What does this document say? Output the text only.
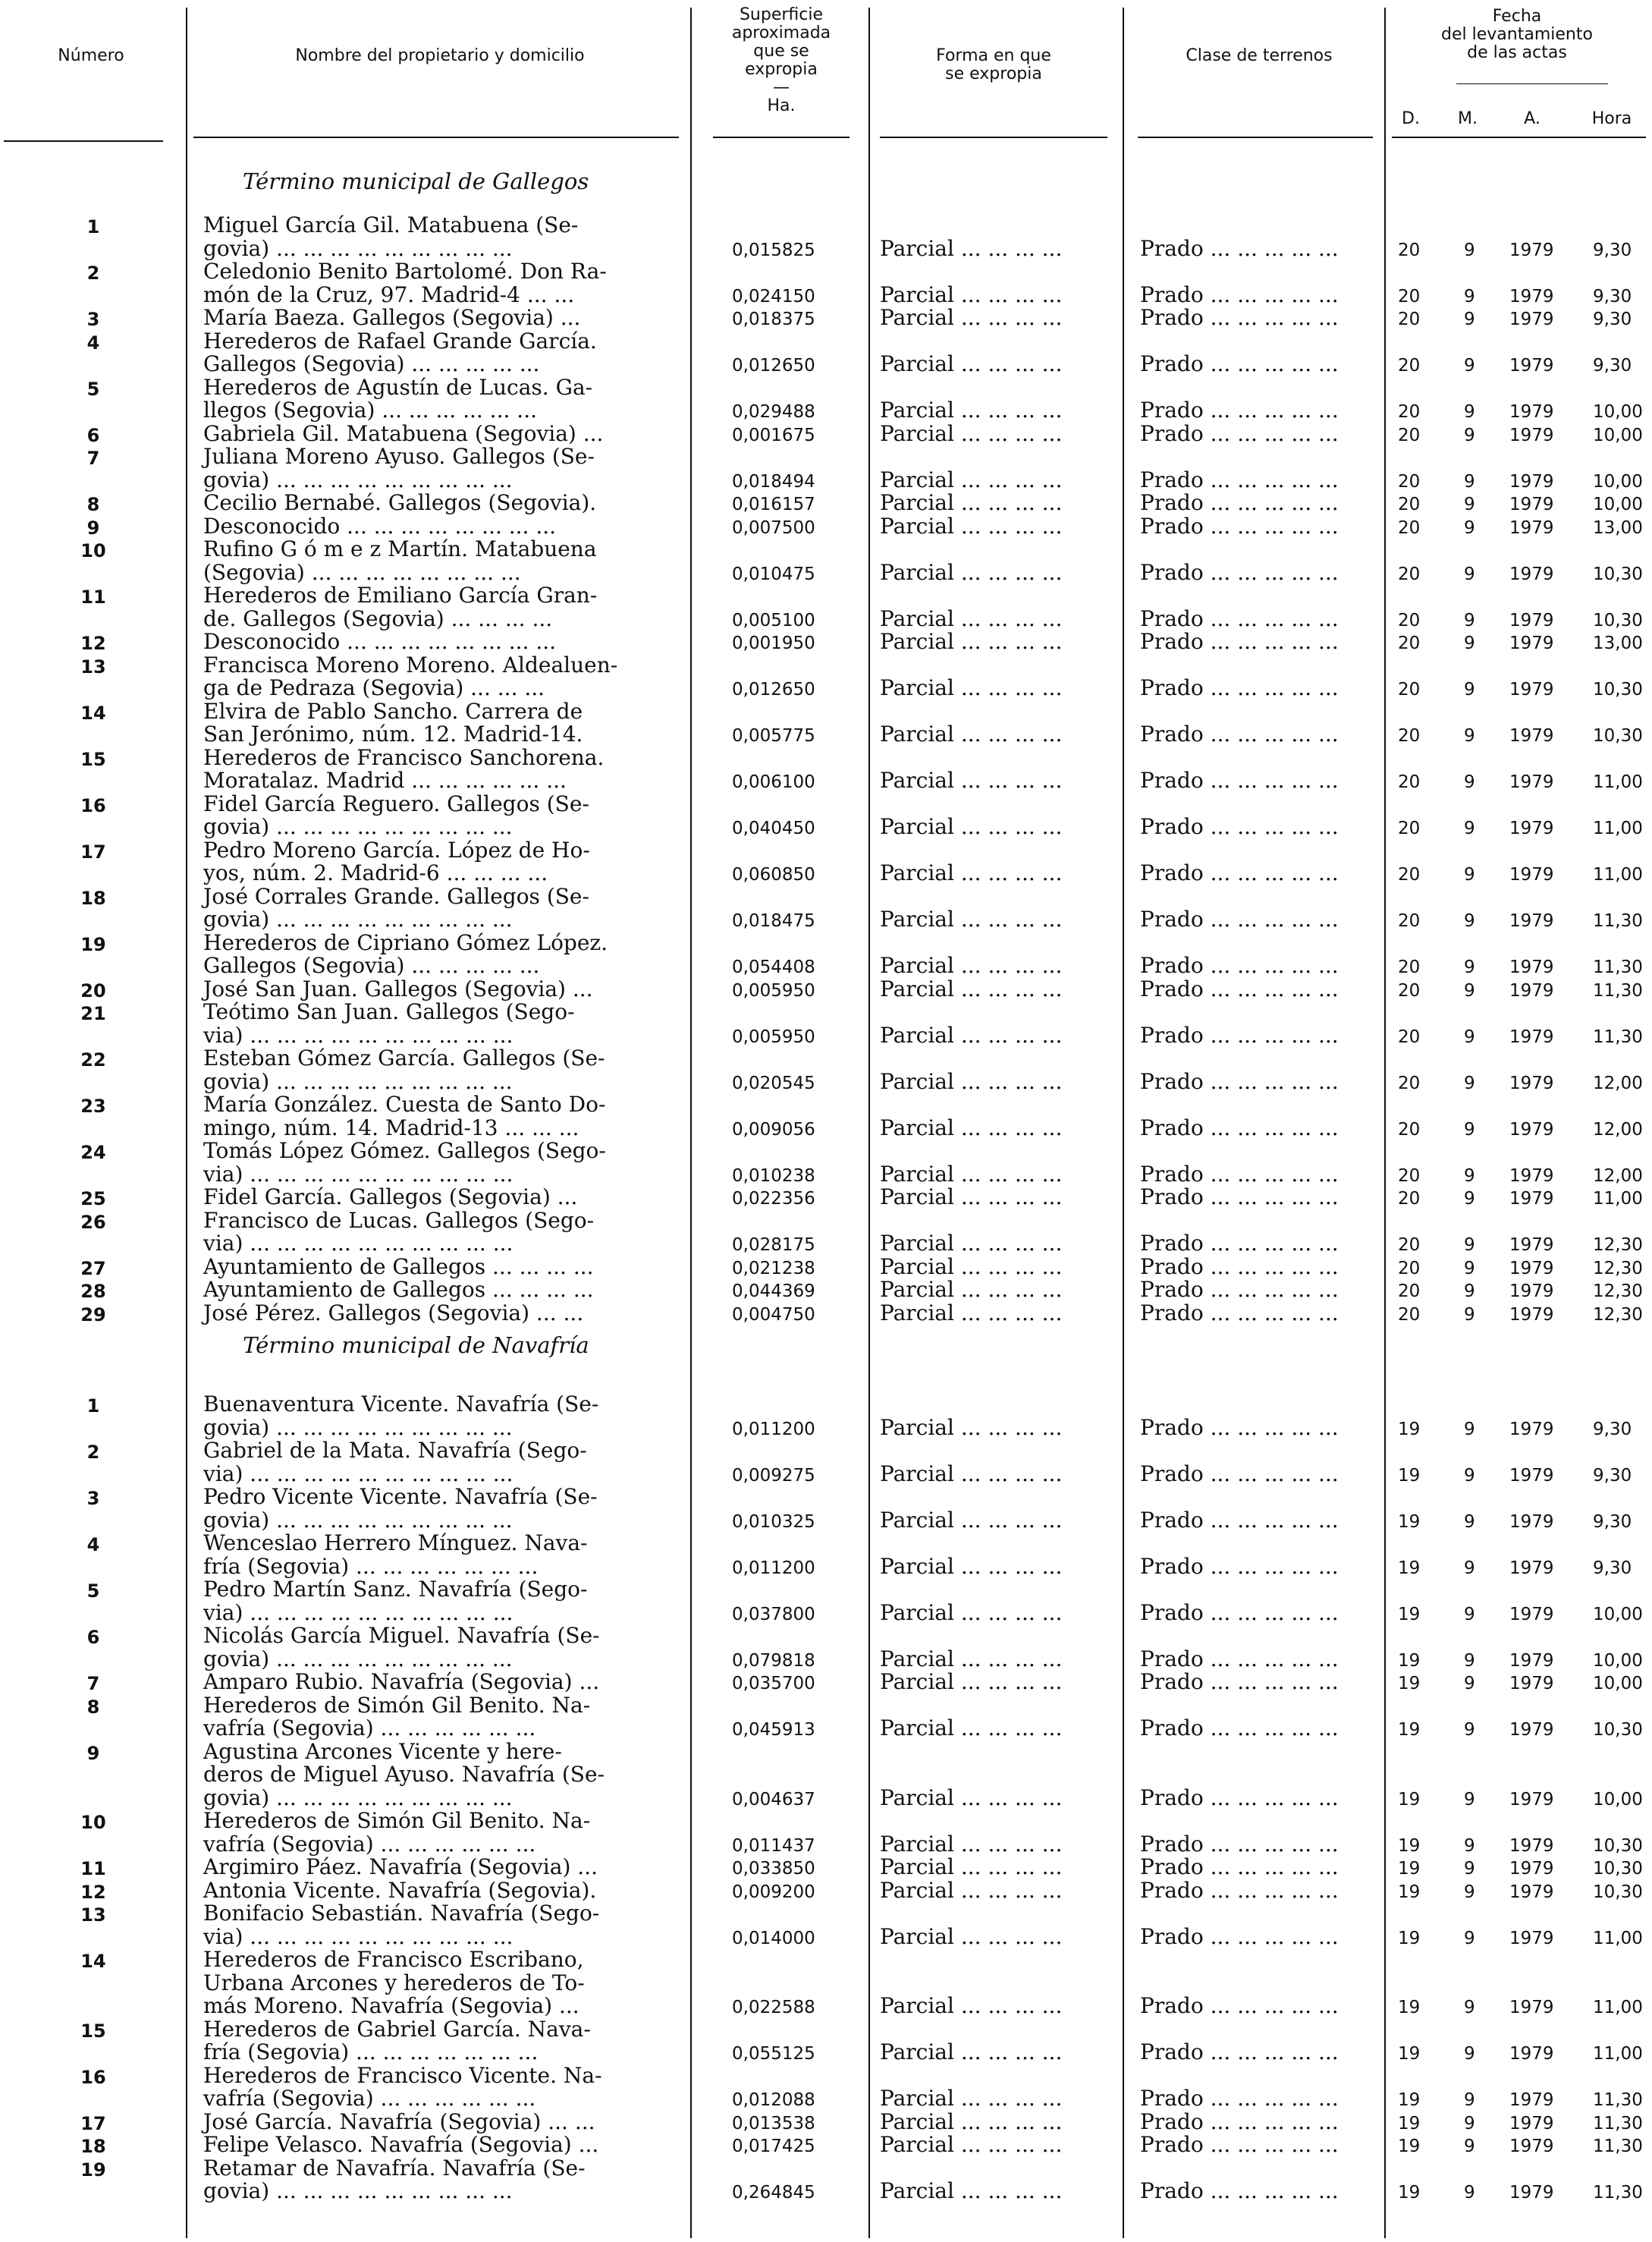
Número	Nombre del propietario y domicilio
Superficie
aproximada
que se
expropia
—
Ha.
Forma en que
se expropia
Clase de terrenos
Fecha
del levantamiento
de las actas
D.	M.	A.	Hora
Término municipal de Gallegos
1	Miguel García Gil. Matabuena (Se-
govia) ... ... ... ... ... ... ... ... ...	0,015825	Parcial ... ... ... ...	Prado ... ... ... ... ...	20	9 1979 9,30
2	Celedonio Benito Bartolomé. Don Ra-
món de la Cruz, 97. Madrid-4 ... ...	0,024150	Parcial ... ... ... ...	Prado ... ... ... ... ...	20	9 1979 9,30
3	María Baeza. Gallegos (Segovia) ...	0,018375	Parcial ... ... ... ...	Prado ... ... ... ... ...	20	9 1979 9,30
4	Herederos de Rafael Grande García.
Gallegos (Segovia) ... ... ... ... ...	0,012650	Parcial ... ... ... ...	Prado ... ... ... ... ...	20	9 1979 9,30
5	Herederos de Agustín de Lucas. Ga-
llegos (Segovia) ... ... ... ... ... ...	0,029488	Parcial ... ... ... ...	Prado ... ... ... ... ...	20	9 1979 10,00
6	Gabriela Gil. Matabuena (Segovia) ...	0,001675	Parcial ... ... ... ...	Prado ... ... ... ... ...	20	9 1979 10,00
7	Juliana Moreno Ayuso. Gallegos (Se-
govia) ... ... ... ... ... ... ... ... ...	0,018494	Parcial ... ... ... ...	Prado ... ... ... ... ...	20	9 1979 10,00
8	Cecilio Bernabé. Gallegos (Segovia).	0,016157	Parcial ... ... ... ...	Prado ... ... ... ... ...	20	9 1979 10,00
9	Desconocido ... ... ... ... ... ... ... ...	0,007500	Parcial ... ... ... ...	Prado ... ... ... ... ...	20	9 1979 13,00
10	Rufino G ó m e z Martín. Matabuena
(Segovia) ... ... ... ... ... ... ... ...	0,010475	Parcial ... ... ... ...	Prado ... ... ... ... ...	20	9 1979 10,30
11	Herederos de Emiliano García Gran-
de. Gallegos (Segovia) ... ... ... ...	0,005100	Parcial ... ... ... ...	Prado ... ... ... ... ...	20	9 1979 10,30
12	Desconocido ... ... ... ... ... ... ... ...	0,001950	Parcial ... ... ... ...	Prado ... ... ... ... ...	20	9 1979 13,00
13	Francisca Moreno Moreno. Aldealuen-
ga de Pedraza (Segovia) ... ... ...	0,012650	Parcial ... ... ... ...	Prado ... ... ... ... ...	20	9 1979 10,30
14	Elvira de Pablo Sancho. Carrera de
San Jerónimo, núm. 12. Madrid-14.	0,005775	Parcial ... ... ... ...	Prado ... ... ... ... ...	20	9 1979 10,30
15	Herederos de Francisco Sanchorena.
Moratalaz. Madrid ... ... ... ... ... ...	0,006100	Parcial ... ... ... ...	Prado ... ... ... ... ...	20	9 1979 11,00
16	Fidel García Reguero. Gallegos (Se-
govia) ... ... ... ... ... ... ... ... ...	0,040450	Parcial ... ... ... ...	Prado ... ... ... ... ...	20	9 1979 11,00
17	Pedro Moreno García. López de Ho-
yos, núm. 2. Madrid-6 ... ... ... ...	0,060850	Parcial ... ... ... ...	Prado ... ... ... ... ...	20	9 1979 11,00
18	José Corrales Grande. Gallegos (Se-
govia) ... ... ... ... ... ... ... ... ...	0,018475	Parcial ... ... ... ...	Prado ... ... ... ... ...	20	9 1979 11,30
19	Herederos de Cipriano Gómez López.
Gallegos (Segovia) ... ... ... ... ...	0,054408	Parcial ... ... ... ...	Prado ... ... ... ... ...	20	9 1979 11,30
20	José San Juan. Gallegos (Segovia) ...	0,005950	Parcial ... ... ... ...	Prado ... ... ... ... ...	20	9 1979 11,30
21	Teótimo San Juan. Gallegos (Sego-
via) ... ... ... ... ... ... ... ... ... ...	0,005950	Parcial ... ... ... ...	Prado ... ... ... ... ...	20	9 1979 11,30
22	Esteban Gómez García. Gallegos (Se-
govia) ... ... ... ... ... ... ... ... ...	0,020545	Parcial ... ... ... ...	Prado ... ... ... ... ...	20	9 1979 12,00
23	María González. Cuesta de Santo Do-
mingo, núm. 14. Madrid-13 ... ... ...	0,009056	Parcial ... ... ... ...	Prado ... ... ... ... ...	20	9 1979 12,00
24	Tomás López Gómez. Gallegos (Sego-
via) ... ... ... ... ... ... ... ... ... ...	0,010238	Parcial ... ... ... ...	Prado ... ... ... ... ...	20	9 1979 12,00
25	Fidel García. Gallegos (Segovia) ...	0,022356	Parcial ... ... ... ...	Prado ... ... ... ... ...	20	9 1979 11,00
26	Francisco de Lucas. Gallegos (Sego-
via) ... ... ... ... ... ... ... ... ... ...	0,028175	Parcial ... ... ... ...	Prado ... ... ... ... ...	20	9 1979 12,30
27	Ayuntamiento de Gallegos ... ... ... ...	0,021238	Parcial ... ... ... ...	Prado ... ... ... ... ...	20	9 1979 12,30
28	Ayuntamiento de Gallegos ... ... ... ...	0,044369	Parcial ... ... ... ...	Prado ... ... ... ... ...	20	9 1979 12,30
29	José Pérez. Gallegos (Segovia) ... ...	0,004750	Parcial ... ... ... ...	Prado ... ... ... ... ...	20	9 1979 12,30
Término municipal de Navafría
1	Buenaventura Vicente. Navafría (Se-
govia) ... ... ... ... ... ... ... ... ...	0,011200	Parcial ... ... ... ...	Prado ... ... ... ... ...	19	9 1979 9,30
2	Gabriel de la Mata. Navafría (Sego-
via) ... ... ... ... ... ... ... ... ... ...	0,009275	Parcial ... ... ... ...	Prado ... ... ... ... ...	19	9 1979 9,30
3	Pedro Vicente Vicente. Navafría (Se-
govia) ... ... ... ... ... ... ... ... ...	0,010325	Parcial ... ... ... ...	Prado ... ... ... ... ...	19	9 1979 9,30
4	Wenceslao Herrero Mínguez. Nava-
fría (Segovia) ... ... ... ... ... ... ...	0,011200	Parcial ... ... ... ...	Prado ... ... ... ... ...	19	9 1979 9,30
5	Pedro Martín Sanz. Navafría (Sego-
via) ... ... ... ... ... ... ... ... ... ...	0,037800	Parcial ... ... ... ...	Prado ... ... ... ... ...	19	9 1979 10,00
6	Nicolás García Miguel. Navafría (Se-
govia) ... ... ... ... ... ... ... ... ...	0,079818	Parcial ... ... ... ...	Prado ... ... ... ... ...	19	9 1979 10,00
7	Amparo Rubio. Navafría (Segovia) ...	0,035700	Parcial ... ... ... ...	Prado ... ... ... ... ...	19	9 1979 10,00
8	Herederos de Simón Gil Benito. Na-
vafría (Segovia) ... ... ... ... ... ...	0,045913	Parcial ... ... ... ...	Prado ... ... ... ... ...	19	9 1979 10,30
9	Agustina Arcones Vicente y here-
deros de Miguel Ayuso. Navafría (Se-
govia) ... ... ... ... ... ... ... ... ...	0,004637	Parcial ... ... ... ...	Prado ... ... ... ... ...	19	9 1979 10,00
10	Herederos de Simón Gil Benito. Na-
vafría (Segovia) ... ... ... ... ... ...	0,011437	Parcial ... ... ... ...	Prado ... ... ... ... ...	19	9 1979 10,30
11	Argimiro Páez. Navafría (Segovia) ...	0,033850	Parcial ... ... ... ...	Prado ... ... ... ... ...	19	9 1979 10,30
12	Antonia Vicente. Navafría (Segovia).	0,009200	Parcial ... ... ... ...	Prado ... ... ... ... ...	19	9 1979 10,30
13	Bonifacio Sebastián. Navafría (Sego-
via) ... ... ... ... ... ... ... ... ... ...	0,014000	Parcial ... ... ... ...	Prado ... ... ... ... ...	19	9 1979 11,00
14	Herederos de Francisco Escribano,
Urbana Arcones y herederos de To-
más Moreno. Navafría (Segovia) ...	0,022588	Parcial ... ... ... ...	Prado ... ... ... ... ...	19	9 1979 11,00
15	Herederos de Gabriel García. Nava-
fría (Segovia) ... ... ... ... ... ... ...	0,055125	Parcial ... ... ... ...	Prado ... ... ... ... ...	19	9 1979 11,00
16	Herederos de Francisco Vicente. Na-
vafría (Segovia) ... ... ... ... ... ...	0,012088	Parcial ... ... ... ...	Prado ... ... ... ... ...	19	9 1979 11,30
17	José García. Navafría (Segovia) ... ...	0,013538	Parcial ... ... ... ...	Prado ... ... ... ... ...	19	9 1979 11,30
18	Felipe Velasco. Navafría (Segovia) ...	0,017425	Parcial ... ... ... ...	Prado ... ... ... ... ...	19	9 1979 11,30
19	Retamar de Navafría. Navafría (Se-
govia) ... ... ... ... ... ... ... ... ...	0,264845	Parcial ... ... ... ...	Prado ... ... ... ... ...	19	9 1979 11,30
